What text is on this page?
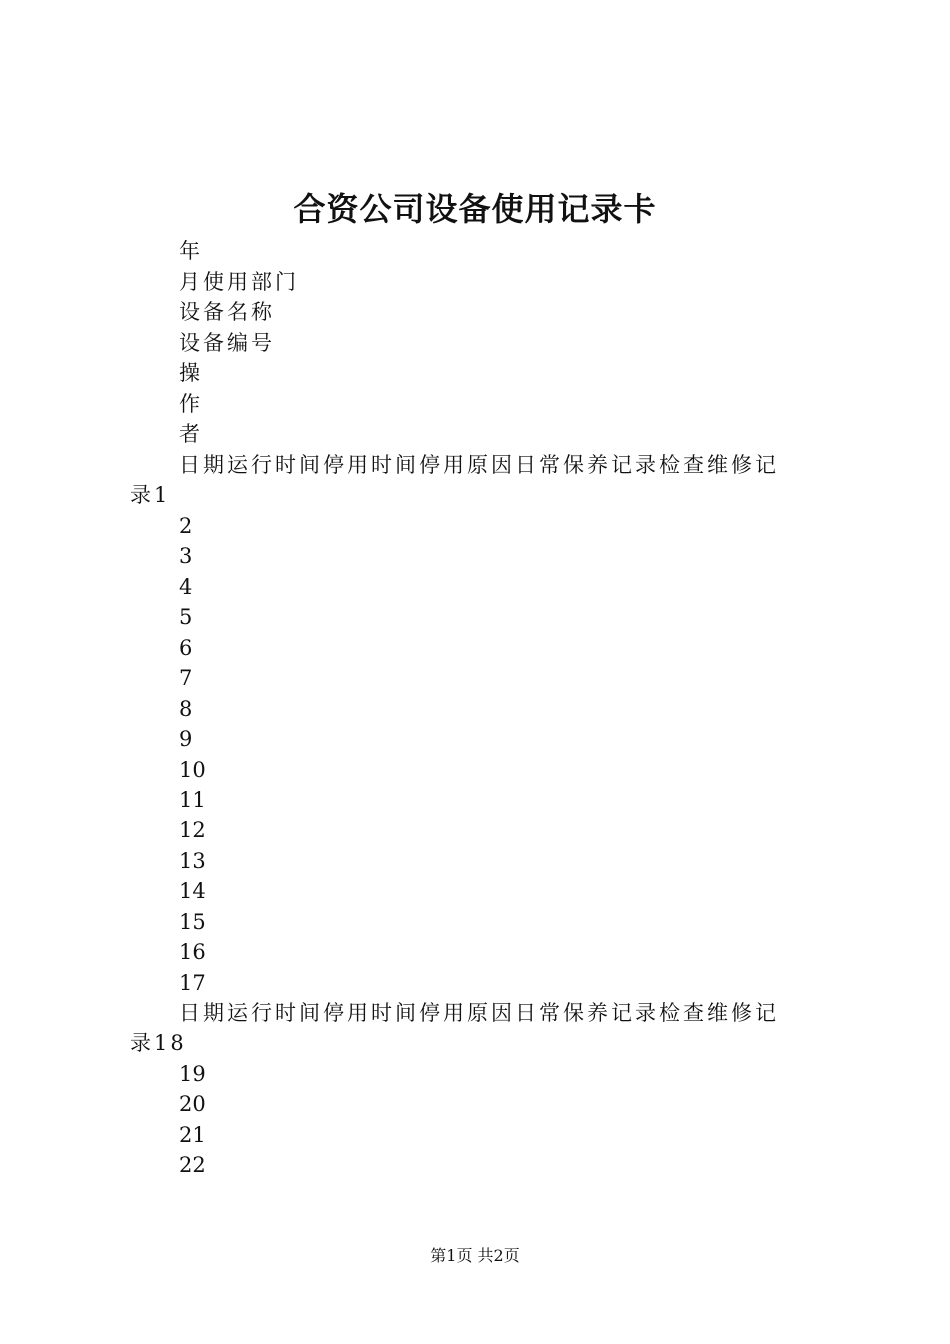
合资公司设备使用记录卡
年
月使用部门
设备名称
设备编号
操
作
者
日期运行时间停用时间停用原因日常保养记录检查维修记
录1
2
3
4
5
6
7
8
9
10
11
12
13
14
15
16
17
日期运行时间停用时间停用原因日常保养记录检查维修记
录18
19
20
21
22
第1页 共2页
